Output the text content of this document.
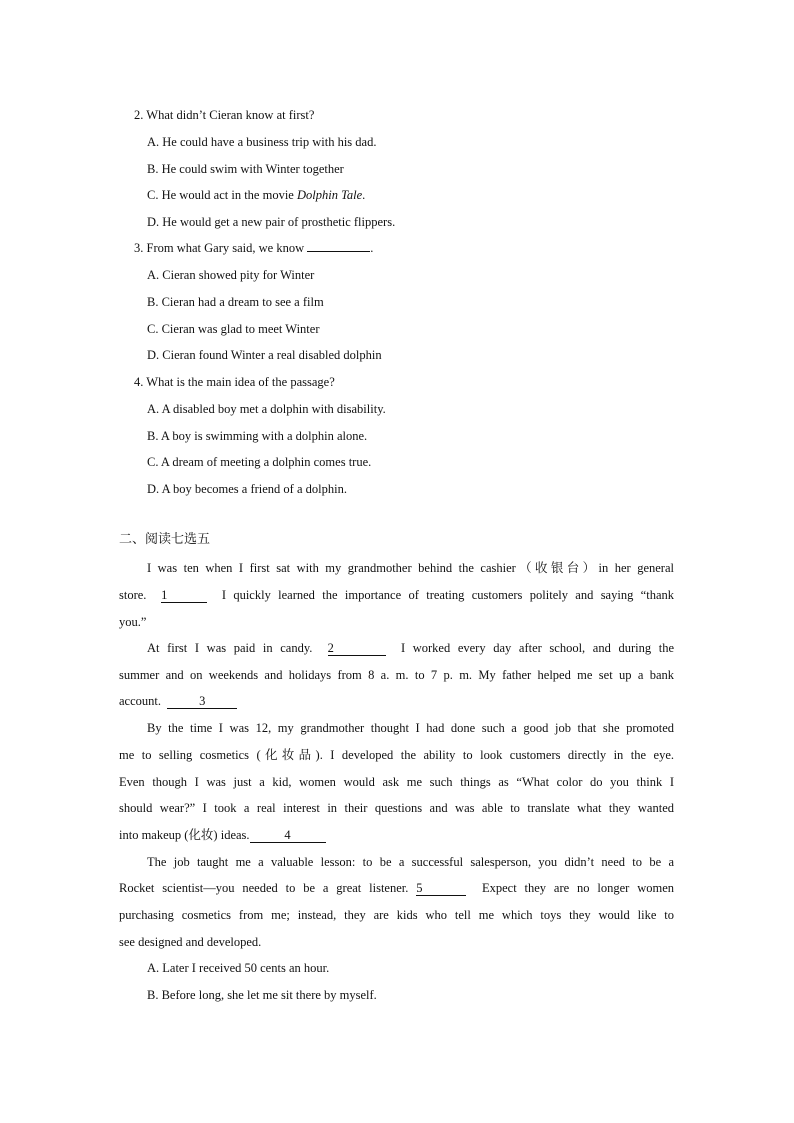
2. What didn’t Cieran know at first?
A. He could have a business trip with his dad.
B. He could swim with Winter together
C. He would act in the movie Dolphin Tale.
D. He would get a new pair of prosthetic flippers.
3. From what Gary said, we know	.
A. Cieran showed pity for Winter
B. Cieran had a dream to see a film
C. Cieran was glad to meet Winter
D. Cieran found Winter a real disabled dolphin
4. What is the main idea of the passage?
A. A disabled boy met a dolphin with disability.
B. A boy is swimming with a dolphin alone.
C. A dream of meeting a dolphin comes true.
D. A boy becomes a friend of a dolphin.
二、阅读七选五
I was ten when I first sat with my grandmother behind the cashier（收银台）in her general
store. 1	I quickly learned the importance of treating customers politely and saying “thank
you.”
At first I was paid in candy. 2	I worked every day after school, and during the
summer and on weekends and holidays from 8 a. m. to 7 p. m. My father helped me set up a bank
account.	3
By the time I was 12, my grandmother thought I had done such a good job that she promoted
me to selling cosmetics (化妆品). I developed the ability to look customers directly in the eye.
Even though I was just a kid, women would ask me such things as “What color do you think I
should wear?” I took a real interest in their questions and was able to translate what they wanted
into makeup (化妆) ideas.	4
The job taught me a valuable lesson: to be a successful salesperson, you didn’t need to be a
Rocket scientist—you needed to be a great listener. 5	Expect they are no longer women
purchasing cosmetics from me; instead, they are kids who tell me which toys they would like to
see designed and developed.
A. Later I received 50 cents an hour.
B. Before long, she let me sit there by myself.
